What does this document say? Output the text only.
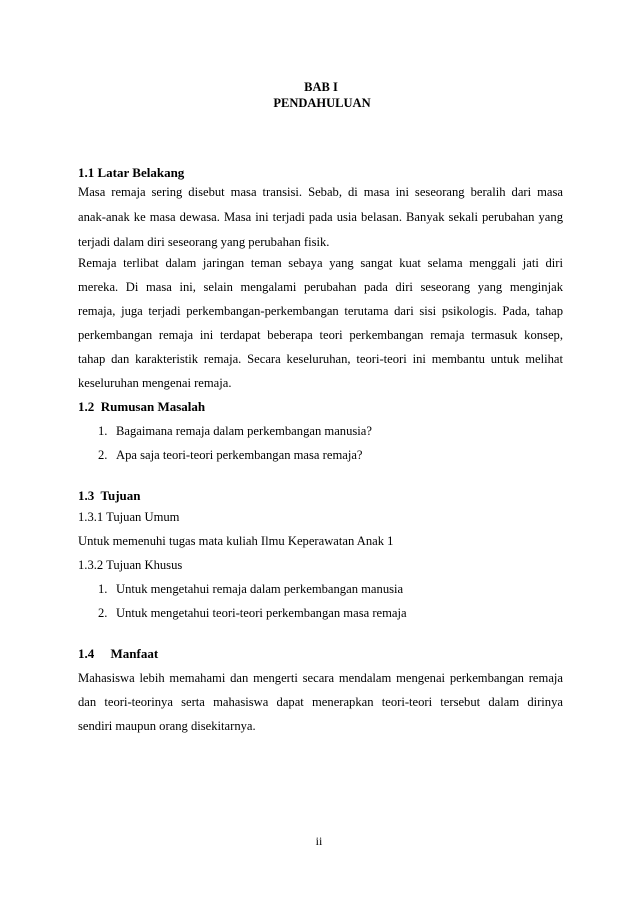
BAB I
PENDAHULUAN
1.1 Latar Belakang
Masa remaja sering disebut masa transisi. Sebab, di masa ini seseorang beralih dari masa
anak-anak ke masa dewasa. Masa ini terjadi pada usia belasan. Banyak sekali perubahan yang
terjadi dalam diri seseorang yang perubahan fisik.
Remaja terlibat dalam jaringan teman sebaya yang sangat kuat selama menggali jati diri
mereka. Di masa ini, selain mengalami perubahan pada diri seseorang yang menginjak
remaja, juga terjadi perkembangan-perkembangan terutama dari sisi psikologis. Pada, tahap
perkembangan remaja ini terdapat beberapa teori perkembangan remaja termasuk konsep,
tahap dan karakteristik remaja. Secara keseluruhan, teori-teori ini membantu untuk melihat
keseluruhan mengenai remaja.
1.2  Rumusan Masalah
1. Bagaimana remaja dalam perkembangan manusia?
2. Apa saja teori-teori perkembangan masa remaja?
1.3  Tujuan
1.3.1 Tujuan Umum
Untuk memenuhi tugas mata kuliah Ilmu Keperawatan Anak 1
1.3.2 Tujuan Khusus
1. Untuk mengetahui remaja dalam perkembangan manusia
2. Untuk mengetahui teori-teori perkembangan masa remaja
1.4     Manfaat
Mahasiswa lebih memahami dan mengerti secara mendalam mengenai perkembangan remaja
dan teori-teorinya serta mahasiswa dapat menerapkan teori-teori tersebut dalam dirinya
sendiri maupun orang disekitarnya.
ii
